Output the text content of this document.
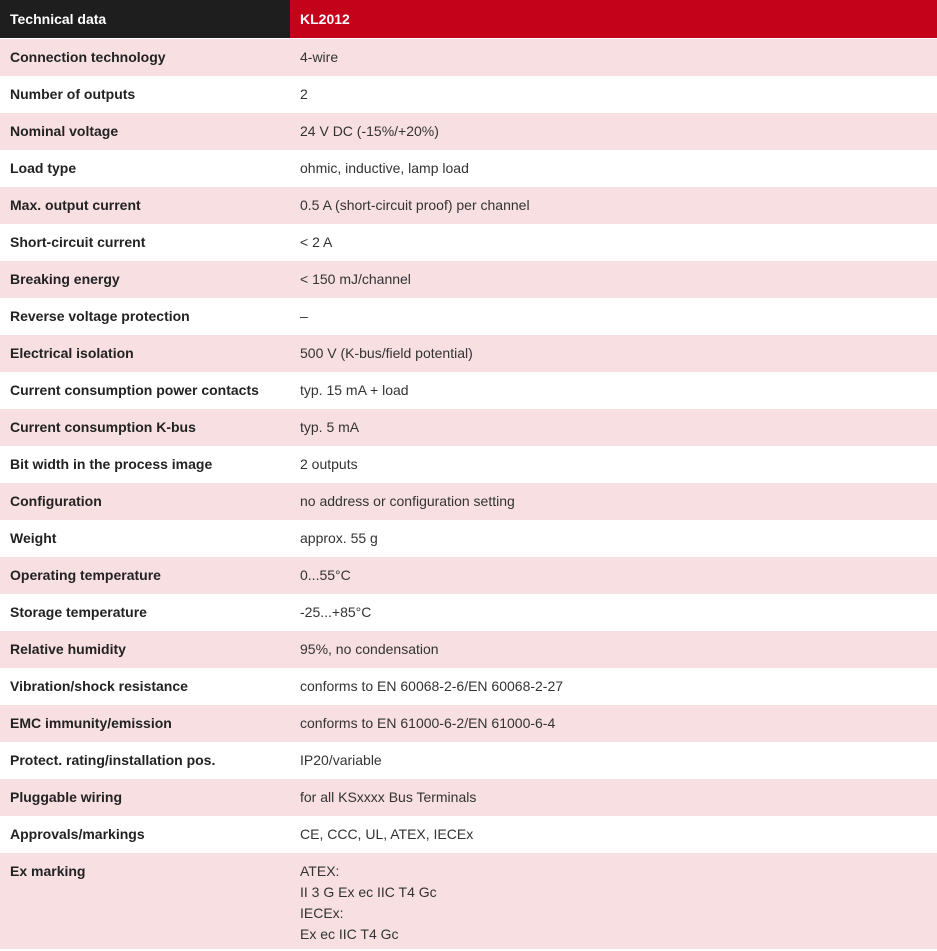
Technical data	KL2012
Connection technology	4-wire
Number of outputs	2
Nominal voltage	24 V DC (-15%/+20%)
Load type	ohmic, inductive, lamp load
Max. output current	0.5 A (short-circuit proof) per channel
Short-circuit current	< 2 A
Breaking energy	< 150 mJ/channel
Reverse voltage protection	–
Electrical isolation	500 V (K-bus/field potential)
Current consumption power contacts	typ. 15 mA + load
Current consumption K-bus	typ. 5 mA
Bit width in the process image	2 outputs
Configuration	no address or configuration setting
Weight	approx. 55 g
Operating temperature	0...55°C
Storage temperature	-25...+85°C
Relative humidity	95%, no condensation
Vibration/shock resistance	conforms to EN 60068-2-6/EN 60068-2-27
EMC immunity/emission	conforms to EN 61000-6-2/EN 61000-6-4
Protect. rating/installation pos.	IP20/variable
Pluggable wiring	for all KSxxxx Bus Terminals
Approvals/markings	CE, CCC, UL, ATEX, IECEx
Ex marking	ATEX:
II 3 G Ex ec IIC T4 Gc
IECEx:
Ex ec IIC T4 Gc
